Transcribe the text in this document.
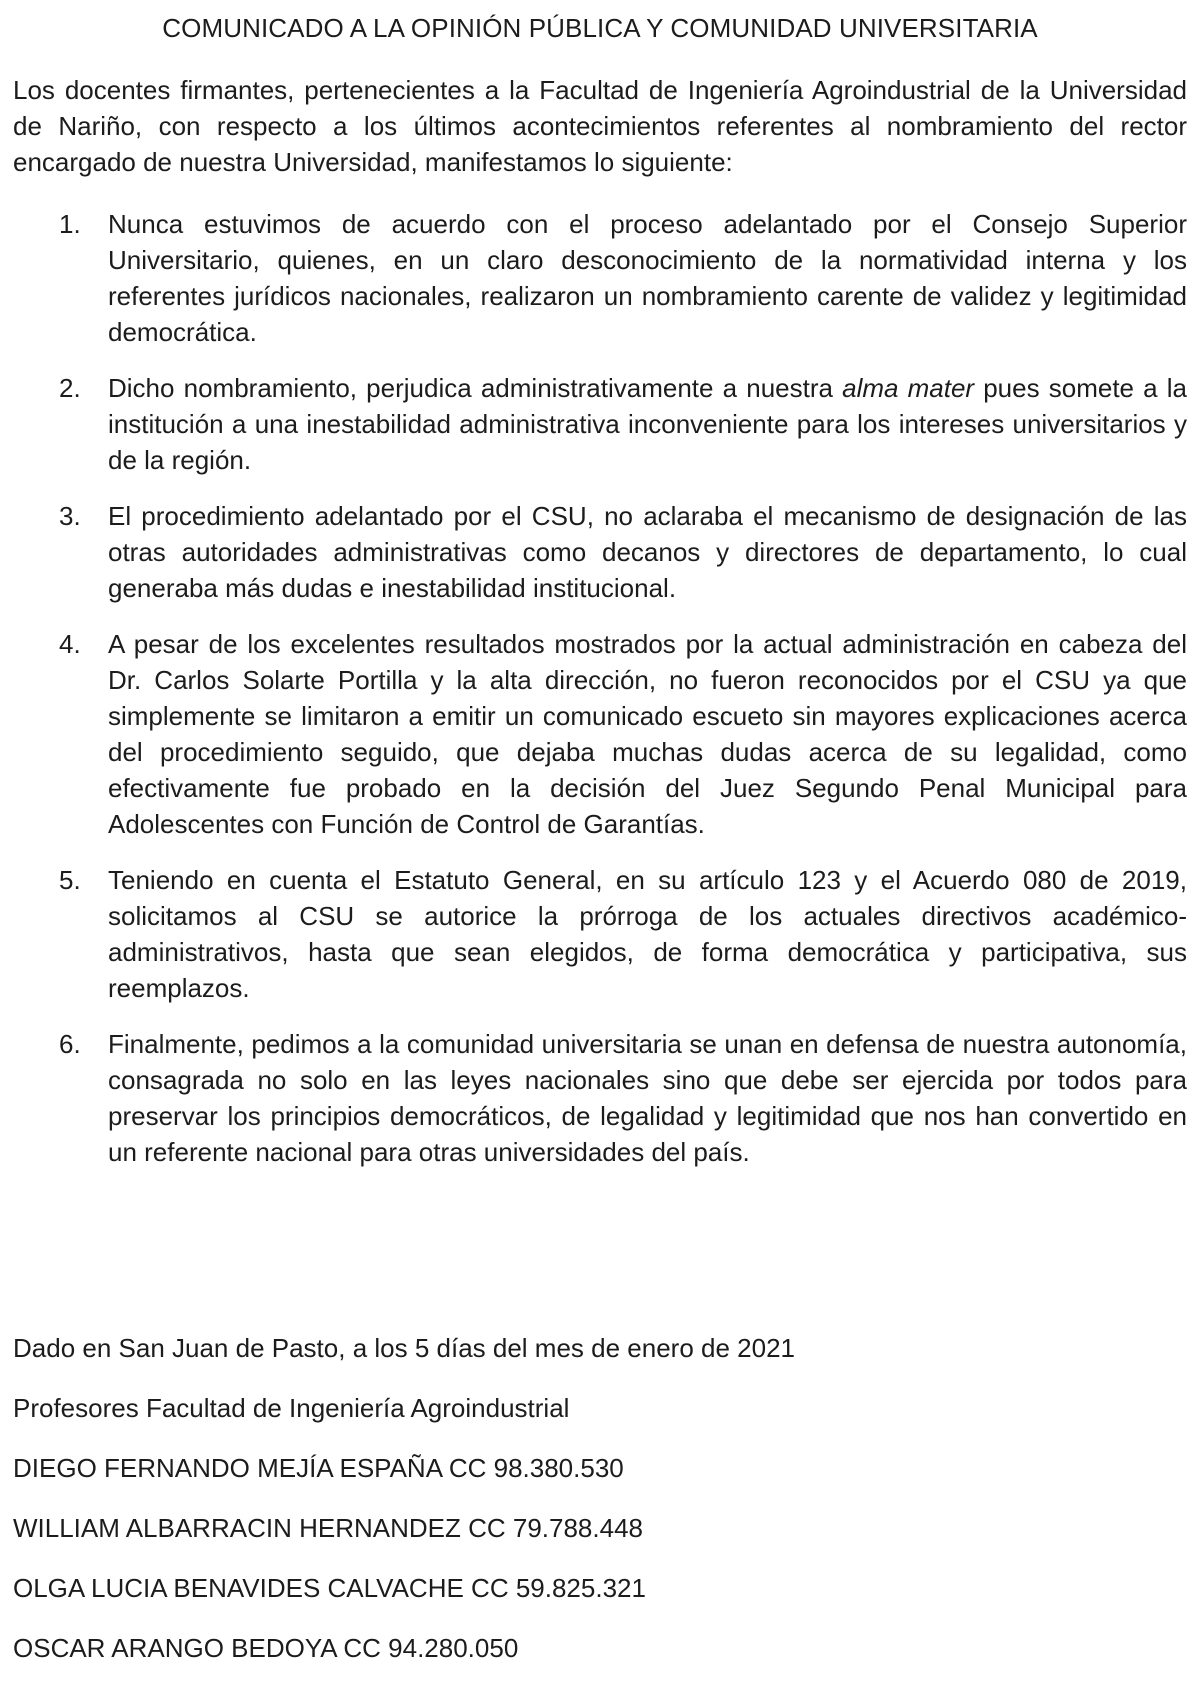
COMUNICADO A LA OPINIÓN PÚBLICA Y COMUNIDAD UNIVERSITARIA

Los docentes firmantes, pertenecientes a la Facultad de Ingeniería Agroindustrial de la Universidad de Nariño, con respecto a los últimos acontecimientos referentes al nombramiento del rector encargado de nuestra Universidad, manifestamos lo siguiente:

1.	Nunca estuvimos de acuerdo con el proceso adelantado por el Consejo Superior Universitario, quienes, en un claro desconocimiento de la normatividad interna y los referentes jurídicos nacionales, realizaron un nombramiento carente de validez y legitimidad democrática.
2.	Dicho nombramiento, perjudica administrativamente a nuestra alma mater pues somete a la institución a una inestabilidad administrativa inconveniente para los intereses universitarios y de la región.
3.	El procedimiento adelantado por el CSU, no aclaraba el mecanismo de designación de las otras autoridades administrativas como decanos y directores de departamento, lo cual generaba más dudas e inestabilidad institucional.
4.	A pesar de los excelentes resultados mostrados por la actual administración en cabeza del Dr. Carlos Solarte Portilla y la alta dirección, no fueron reconocidos por el CSU ya que simplemente se limitaron a emitir un comunicado escueto sin mayores explicaciones acerca del procedimiento seguido, que dejaba muchas dudas acerca de su legalidad, como efectivamente fue probado en la decisión del Juez Segundo Penal Municipal para Adolescentes con Función de Control de Garantías.
5.	Teniendo en cuenta el Estatuto General, en su artículo 123 y el Acuerdo 080 de 2019, solicitamos al CSU se autorice la prórroga de los actuales directivos académico-administrativos, hasta que sean elegidos, de forma democrática y participativa, sus reemplazos.
6.	Finalmente, pedimos a la comunidad universitaria se unan en defensa de nuestra autonomía, consagrada no solo en las leyes nacionales sino que debe ser ejercida por todos para preservar los principios democráticos, de legalidad y legitimidad que nos han convertido en un referente nacional para otras universidades del país.

Dado en San Juan de Pasto, a los 5 días del mes de enero de 2021

Profesores Facultad de Ingeniería Agroindustrial

DIEGO FERNANDO MEJÍA ESPAÑA CC 98.380.530
WILLIAM ALBARRACIN HERNANDEZ CC 79.788.448
OLGA LUCIA BENAVIDES CALVACHE CC 59.825.321
OSCAR ARANGO BEDOYA CC 94.280.050
